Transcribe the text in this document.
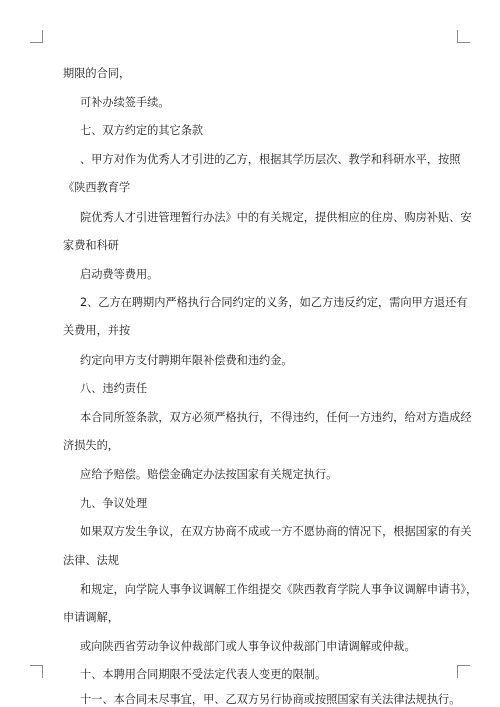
期限的合同，
可补办续签手续。
七、双方约定的其它条款
、甲方对作为优秀人才引进的乙方，根据其学历层次、教学和科研水平，按照
《陕西教育学
院优秀人才引进管理暂行办法》中的有关规定，提供相应的住房、购房补贴、安
家费和科研
启动费等费用。
2、乙方在聘期内严格执行合同约定的义务，如乙方违反约定，需向甲方退还有
关费用，并按
约定向甲方支付聘期年限补偿费和违约金。
八、违约责任
本合同所签条款，双方必须严格执行，不得违约，任何一方违约，给对方造成经
济损失的，
应给予赔偿。赔偿金确定办法按国家有关规定执行。
九、争议处理
如果双方发生争议，在双方协商不成或一方不愿协商的情况下，根据国家的有关
法律、法规
和规定，向学院人事争议调解工作组提交《陕西教育学院人事争议调解申请书》，
申请调解，
或向陕西省劳动争议仲裁部门或人事争议仲裁部门申请调解或仲裁。
十、本聘用合同期限不受法定代表人变更的限制。
十一、本合同未尽事宜，甲、乙双方另行协商或按照国家有关法律法规执行。
